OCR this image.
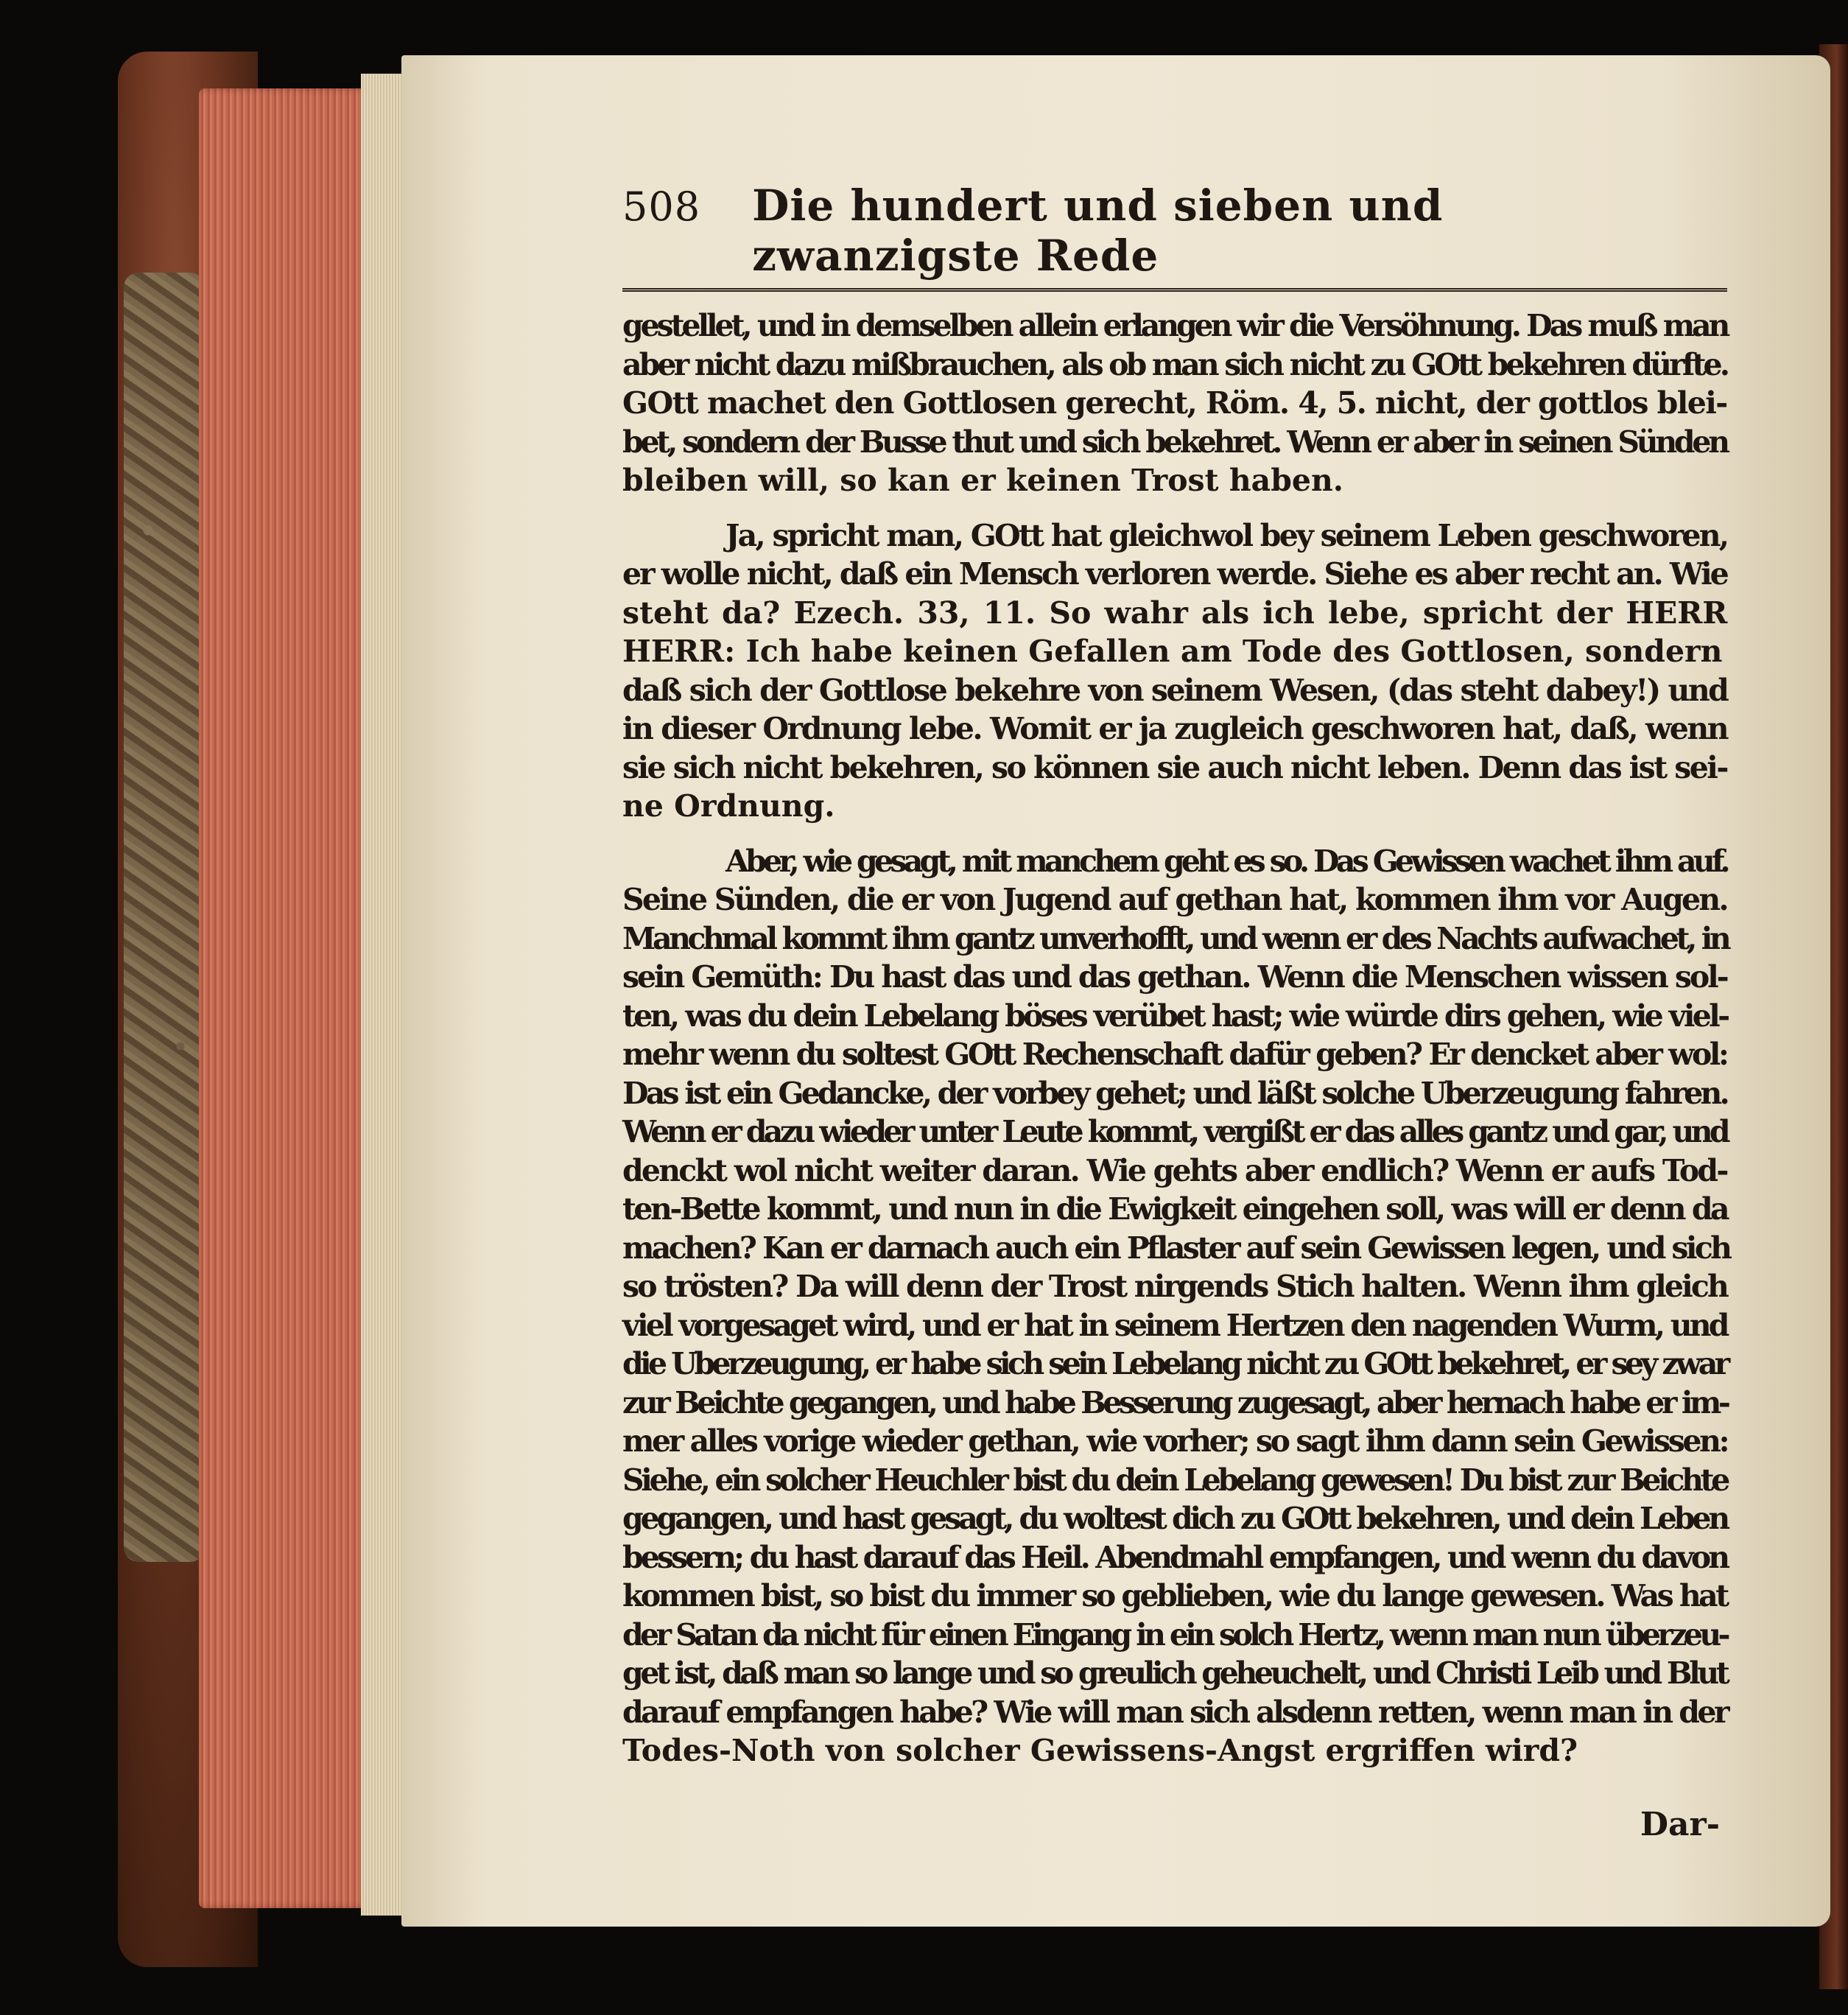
508 Die hundert und sieben und zwanzigste Rede
gestellet, und in demselben allein erlangen wir die Versöhnung. Das muß man
aber nicht dazu mißbrauchen, als ob man sich nicht zu GOtt bekehren dürfte.
GOtt machet den Gottlosen gerecht, Röm. 4, 5. nicht, der gottlos blei-
bet, sondern der Busse thut und sich bekehret. Wenn er aber in seinen Sünden
bleiben will, so kan er keinen Trost haben.
Ja, spricht man, GOtt hat gleichwol bey seinem Leben geschworen,
er wolle nicht, daß ein Mensch verloren werde. Siehe es aber recht an. Wie
steht da? Ezech. 33, 11. So wahr als ich lebe, spricht der HERR
HERR: Ich habe keinen Gefallen am Tode des Gottlosen, sondern
daß sich der Gottlose bekehre von seinem Wesen, (das steht dabey!) und
in dieser Ordnung lebe. Womit er ja zugleich geschworen hat, daß, wenn
sie sich nicht bekehren, so können sie auch nicht leben. Denn das ist sei-
ne Ordnung.
Aber, wie gesagt, mit manchem geht es so. Das Gewissen wachet ihm auf.
Seine Sünden, die er von Jugend auf gethan hat, kommen ihm vor Augen.
Manchmal kommt ihm gantz unverhofft, und wenn er des Nachts aufwachet, in
sein Gemüth: Du hast das und das gethan. Wenn die Menschen wissen sol-
ten, was du dein Lebelang böses verübet hast; wie würde dirs gehen, wie viel-
mehr wenn du soltest GOtt Rechenschaft dafür geben? Er dencket aber wol:
Das ist ein Gedancke, der vorbey gehet; und läßt solche Uberzeugung fahren.
Wenn er dazu wieder unter Leute kommt, vergißt er das alles gantz und gar, und
denckt wol nicht weiter daran. Wie gehts aber endlich? Wenn er aufs Tod-
ten-Bette kommt, und nun in die Ewigkeit eingehen soll, was will er denn da
machen? Kan er darnach auch ein Pflaster auf sein Gewissen legen, und sich
so trösten? Da will denn der Trost nirgends Stich halten. Wenn ihm gleich
viel vorgesaget wird, und er hat in seinem Hertzen den nagenden Wurm, und
die Uberzeugung, er habe sich sein Lebelang nicht zu GOtt bekehret, er sey zwar
zur Beichte gegangen, und habe Besserung zugesagt, aber hernach habe er im-
mer alles vorige wieder gethan, wie vorher; so sagt ihm dann sein Gewissen:
Siehe, ein solcher Heuchler bist du dein Lebelang gewesen! Du bist zur Beichte
gegangen, und hast gesagt, du woltest dich zu GOtt bekehren, und dein Leben
bessern; du hast darauf das Heil. Abendmahl empfangen, und wenn du davon
kommen bist, so bist du immer so geblieben, wie du lange gewesen. Was hat
der Satan da nicht für einen Eingang in ein solch Hertz, wenn man nun überzeu-
get ist, daß man so lange und so greulich geheuchelt, und Christi Leib und Blut
darauf empfangen habe? Wie will man sich alsdenn retten, wenn man in der
Todes-Noth von solcher Gewissens-Angst ergriffen wird?
Dar-
